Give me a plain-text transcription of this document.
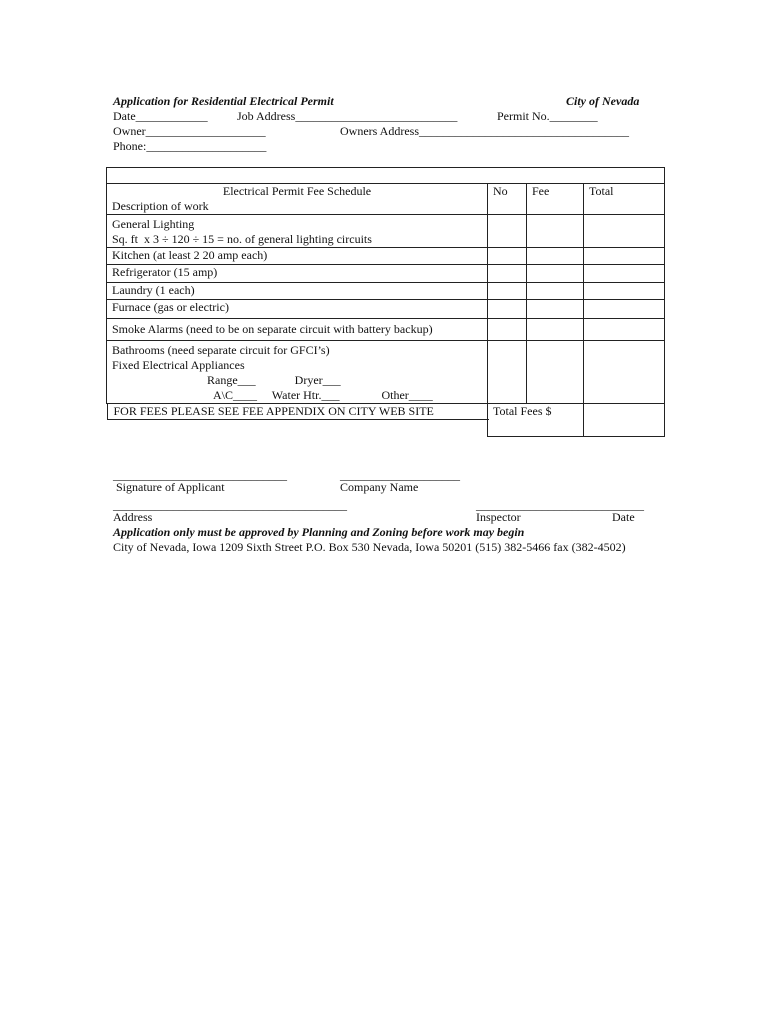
Application for Residential Electrical Permit	City of Nevada
Date____________ Job Address___________________________	Permit No.________
Owner____________________	Owners Address___________________________________
Phone:____________________

Electrical Permit Fee Schedule
Description of work	No	Fee	Total

General Lighting
Sq. ft  x 3 ÷ 120 ÷ 15 = no. of general lighting circuits			

Kitchen (at least 2 20 amp each)			
Refrigerator (15 amp)			
Laundry (1 each)			
Furnace (gas or electric)			
Smoke Alarms (need to be on separate circuit with battery backup)			

Bathrooms (need separate circuit for GFCI’s)
Fixed Electrical Appliances
Range___             Dryer___
A\C____     Water Htr.___              Other____			

FOR FEES PLEASE SEE FEE APPENDIX ON CITY WEB SITE	Total Fees $		
_____________________________	____________________
Signature of Applicant	Company Name
_______________________________________	____________________________
Address	Inspector	Date
Application only must be approved by Planning and Zoning before work may begin
City of Nevada, Iowa 1209 Sixth Street P.O. Box 530 Nevada, Iowa 50201 (515) 382-5466 fax (382-4502)
